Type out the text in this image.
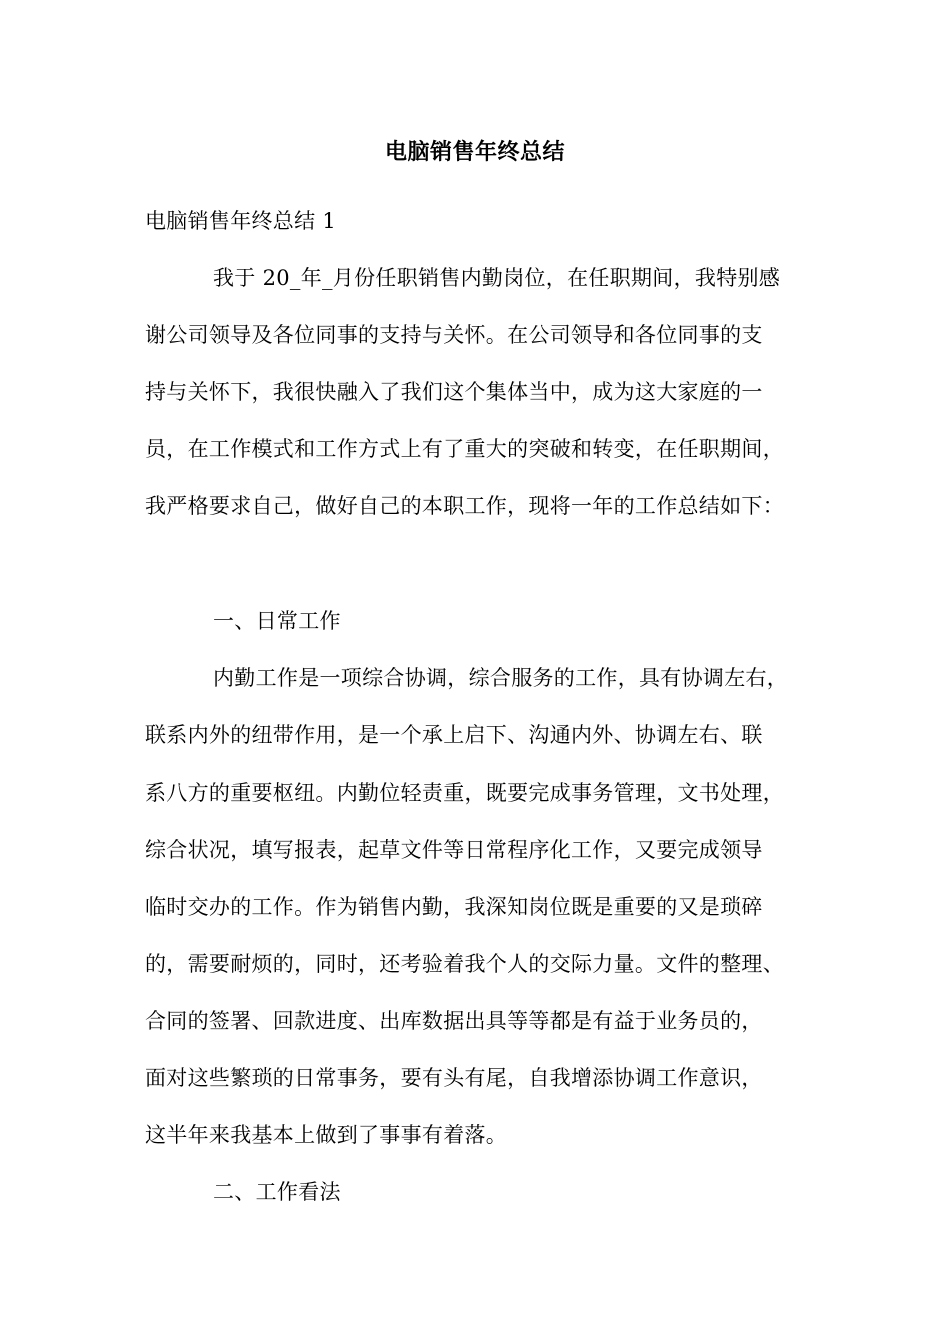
电脑销售年终总结
电脑销售年终总结 1
我于 20_年_月份任职销售内勤岗位，在任职期间，我特别感
谢公司领导及各位同事的支持与关怀。在公司领导和各位同事的支
持与关怀下，我很快融入了我们这个集体当中，成为这大家庭的一
员，在工作模式和工作方式上有了重大的突破和转变，在任职期间，
我严格要求自己，做好自己的本职工作，现将一年的工作总结如下：
一、日常工作
内勤工作是一项综合协调，综合服务的工作，具有协调左右，
联系内外的纽带作用，是一个承上启下、沟通内外、协调左右、联
系八方的重要枢纽。内勤位轻责重，既要完成事务管理，文书处理，
综合状况，填写报表，起草文件等日常程序化工作，又要完成领导
临时交办的工作。作为销售内勤，我深知岗位既是重要的又是琐碎
的，需要耐烦的，同时，还考验着我个人的交际力量。文件的整理、
合同的签署、回款进度、出库数据出具等等都是有益于业务员的，
面对这些繁琐的日常事务，要有头有尾，自我增添协调工作意识，
这半年来我基本上做到了事事有着落。
二、工作看法
